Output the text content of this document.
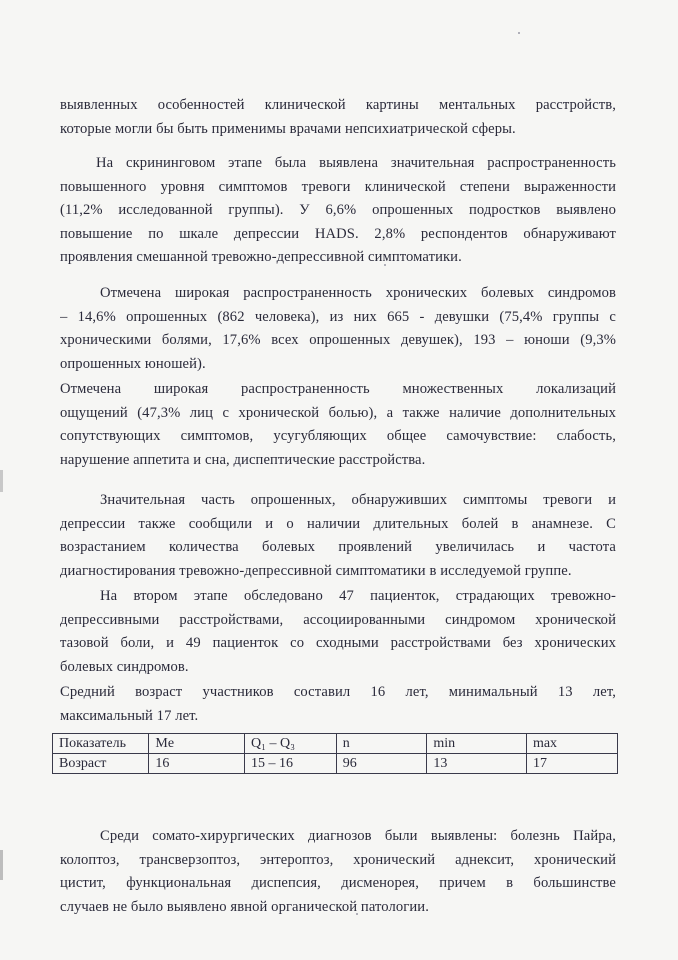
выявленных особенностей клинической картины ментальных расстройств,
которые могли бы быть применимы врачами непсихиатрической сферы.

На скрининговом этапе была выявлена значительная распространенность
повышенного уровня симптомов тревоги клинической степени выраженности
(11,2% исследованной группы). У 6,6% опрошенных подростков выявлено
повышение по шкале депрессии HADS. 2,8% респондентов обнаруживают
проявления смешанной тревожно-депрессивной симптоматики.

Отмечена широкая распространенность хронических болевых синдромов
– 14,6% опрошенных (862 человека), из них 665 - девушки (75,4% группы с
хроническими болями, 17,6% всех опрошенных девушек), 193 – юноши (9,3%
опрошенных юношей).

Отмечена широкая распространенность множественных локализаций
ощущений (47,3% лиц с хронической болью), а также наличие дополнительных
сопутствующих симптомов, усугубляющих общее самочувствие: слабость,
нарушение аппетита и сна, диспептические расстройства.

Значительная часть опрошенных, обнаруживших симптомы тревоги и
депрессии также сообщили и о наличии длительных болей в анамнезе. С
возрастанием количества болевых проявлений увеличилась и частота
диагностирования тревожно-депрессивной симптоматики в исследуемой группе.

На втором этапе обследовано 47 пациенток, страдающих тревожно-
депрессивными расстройствами, ассоциированными синдромом хронической
тазовой боли, и 49 пациенток со сходными расстройствами без хронических
болевых синдромов.

Средний возраст участников составил 16 лет, минимальный 13 лет,
максимальный 17 лет.

Показатель	Me	Q₁ – Q₃	n	min	max
Возраст	16	15 – 16	96	13	17

Среди сомато-хирургических диагнозов были выявлены: болезнь Пайра,
колоптоз, трансверзоптоз, энтероптоз, хронический аднексит, хронический
цистит, функциональная диспепсия, дисменорея, причем в большинстве
случаев не было выявлено явной органической патологии.
